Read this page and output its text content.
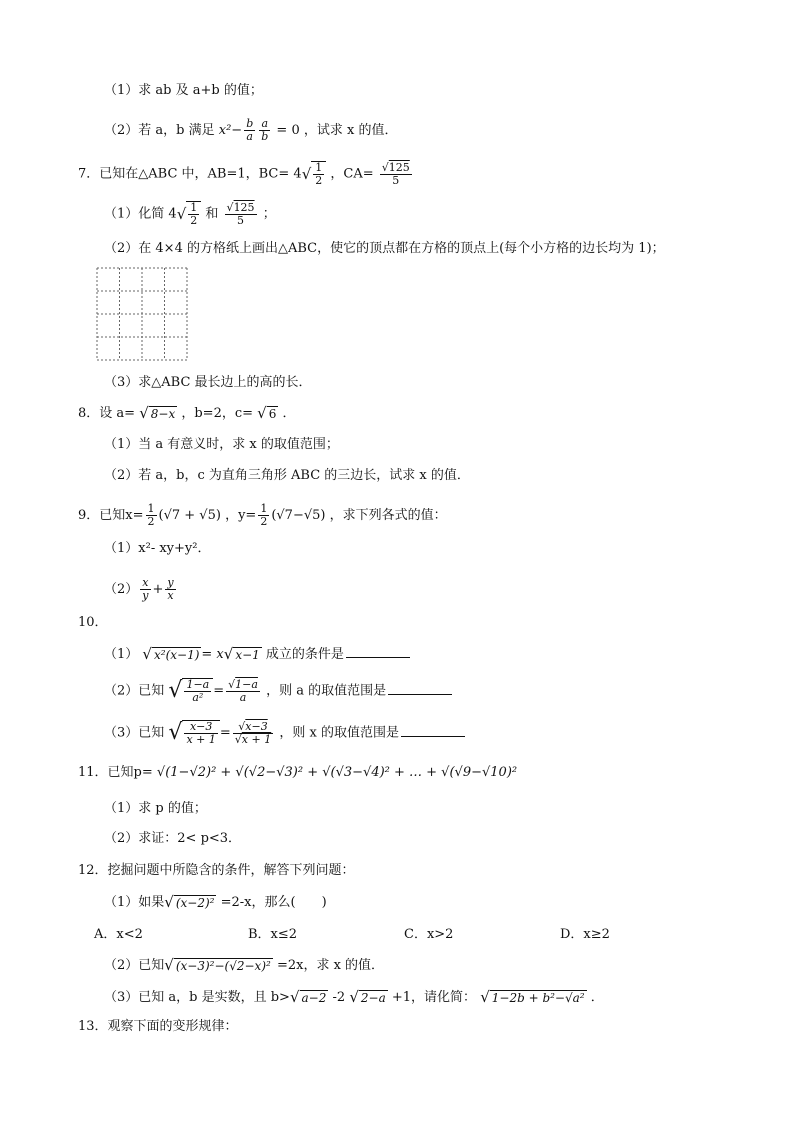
（1）求 ab 及 a+b 的值；
（2）若 a，b 满足 $x^2- \frac{b}{a} \frac{a}{b} = 0$ ，试求 x 的值．
7．已知在△ABC 中，AB=1，$BC= 4√ \frac{1}{2}$ ，$CA= \frac{√125}{5}$
（1）化简 $4√ \frac{1}{2}$ 和 $\frac{√125}{5}$ ；
（2）在 4×4 的方格纸上画出△ABC，使它的顶点都在方格的顶点上(每个小方格的边长均为 1)；
（3）求△ABC 最长边上的高的长．
8．设 a= √ 8−x ，b=2，c= √ 6 ．
（1）当 a 有意义时，求 x 的取值范围；
（2）若 a，b，c 为直角三角形 ABC 的三边长，试求 x 的值．
9．已知$x= \frac{1}{2} (√7 + √5)$ ，$y= \frac{1}{2} (√7-√5)$ ，求下列各式的值：
（1）x²- xy+y²．
$(2) \frac{x}{y} + \frac{y}{x}$
10．
（1） √ x²(x−1) = x√ x−1 成立的条件是
（2）已知 √ $\frac{1-a}{\text{a²}} = \frac{√1-a}{a}$ ，则 a 的取值范围是
（3）已知 √ $\frac{x-3}{x + 1} = \frac{√x-3}{√x + 1}$ ，则 x 的取值范围是
11．已知p= √(1−√2)² + √(√2−√3)² + √(√3−√4)² + … + √(√9−√10)²
（1）求 p 的值；
（2）求证：2< p<3．
12．挖掘问题中所隐含的条件，解答下列问题：
（1）如果√ (x−2)² =2-x，那么(　　)
A．x<2	B．x≤2	C．x>2	D．x≥2
（2）已知√ (x−3)²−(√2−x)² =2x，求 x 的值．
（3）已知 a，b 是实数，且 b>√ a−2 -2 √ 2−a +1，请化简： √ 1−2b + b²−√a² ．
13．观察下面的变形规律：
